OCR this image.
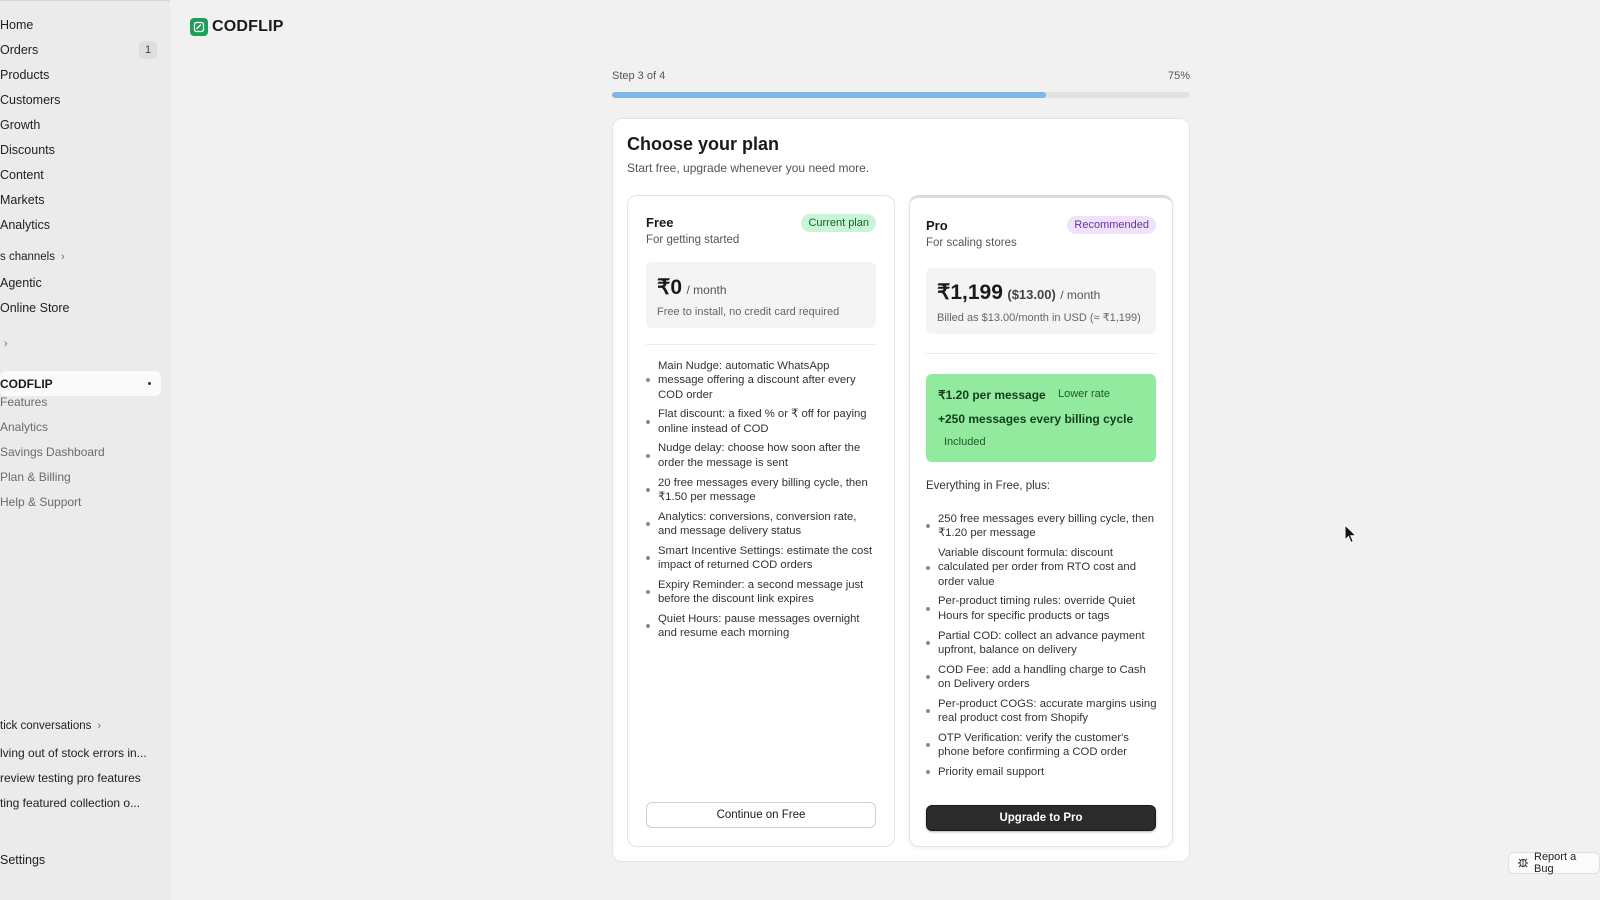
Home
Orders	1
Products
Customers
Growth
Discounts
Content
Markets
Analytics
s channels ›
Agentic
Online Store
›
CODFLIP
Features
Analytics
Savings Dashboard
Plan & Billing
Help & Support
tick conversations ›
lving out of stock errors in...
review testing pro features
ting featured collection o...
Settings
CODFLIP
Step 3 of 4	75%
Choose your plan

Start free, upgrade whenever you need more.

Free
For getting started
Current plan
₹0 / month
Free to install, no credit card required
Main Nudge: automatic WhatsApp message offering a discount after every COD order
Flat discount: a fixed % or ₹ off for paying online instead of COD
Nudge delay: choose how soon after the order the message is sent
20 free messages every billing cycle, then ₹1.50 per message
Analytics: conversions, conversion rate, and message delivery status
Smart Incentive Settings: estimate the cost impact of returned COD orders
Expiry Reminder: a second message just before the discount link expires
Quiet Hours: pause messages overnight and resume each morning
Continue on Free
Pro
For scaling stores
Recommended
₹1,199 ($13.00) / month
Billed as $13.00/month in USD (≈ ₹1,199)
₹1.20 per message Lower rate
+250 messages every billing cycle
Included
Everything in Free, plus:
250 free messages every billing cycle, then ₹1.20 per message
Variable discount formula: discount calculated per order from RTO cost and order value
Per-product timing rules: override Quiet Hours for specific products or tags
Partial COD: collect an advance payment upfront, balance on delivery
COD Fee: add a handling charge to Cash on Delivery orders
Per-product COGS: accurate margins using real product cost from Shopify
OTP Verification: verify the customer's phone before confirming a COD order
Priority email support
Upgrade to Pro
Report a Bug
